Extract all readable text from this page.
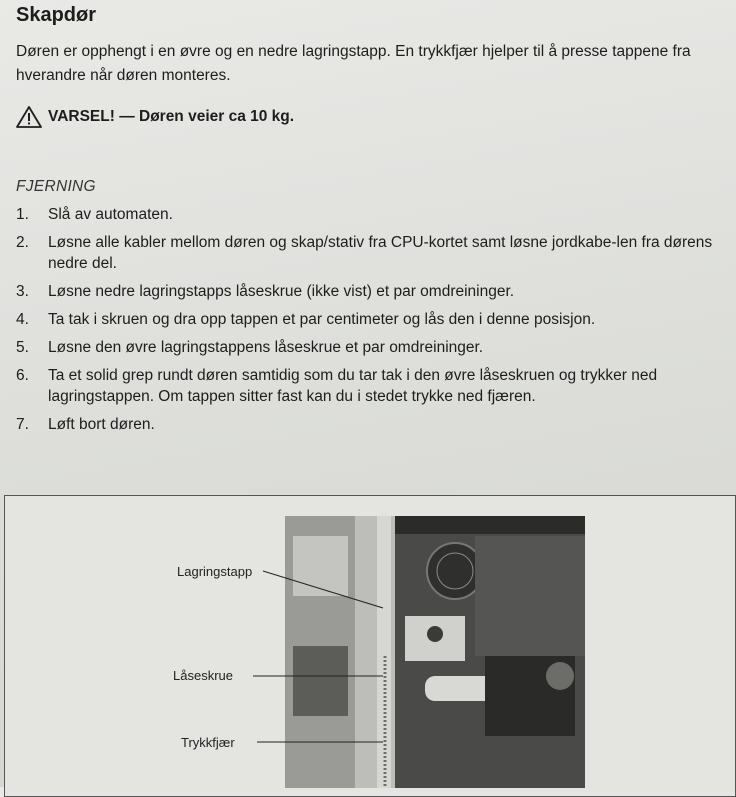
Skapdør
Døren er opphengt i en øvre og en nedre lagringstapp. En trykkfjær hjelper til å presse tappene fra hverandre når døren monteres.
VARSEL! — Døren veier ca 10 kg.
FJERNING
1.	Slå av automaten.
2.	Løsne alle kabler mellom døren og skap/stativ fra CPU-kortet samt løsne jordkabe-len fra dørens nedre del.
3.	Løsne nedre lagringstapps låseskrue (ikke vist) et par omdreininger.
4.	Ta tak i skruen og dra opp tappen et par centimeter og lås den i denne posisjon.
5.	Løsne den øvre lagringstappens låseskrue et par omdreininger.
6.	Ta et solid grep rundt døren samtidig som du tar tak i den øvre låseskruen og trykker ned lagringstappen. Om tappen sitter fast kan du i stedet trykke ned fjæren.
7.	Løft bort døren.
Lagringstapp
Låseskrue
Trykkfjær
